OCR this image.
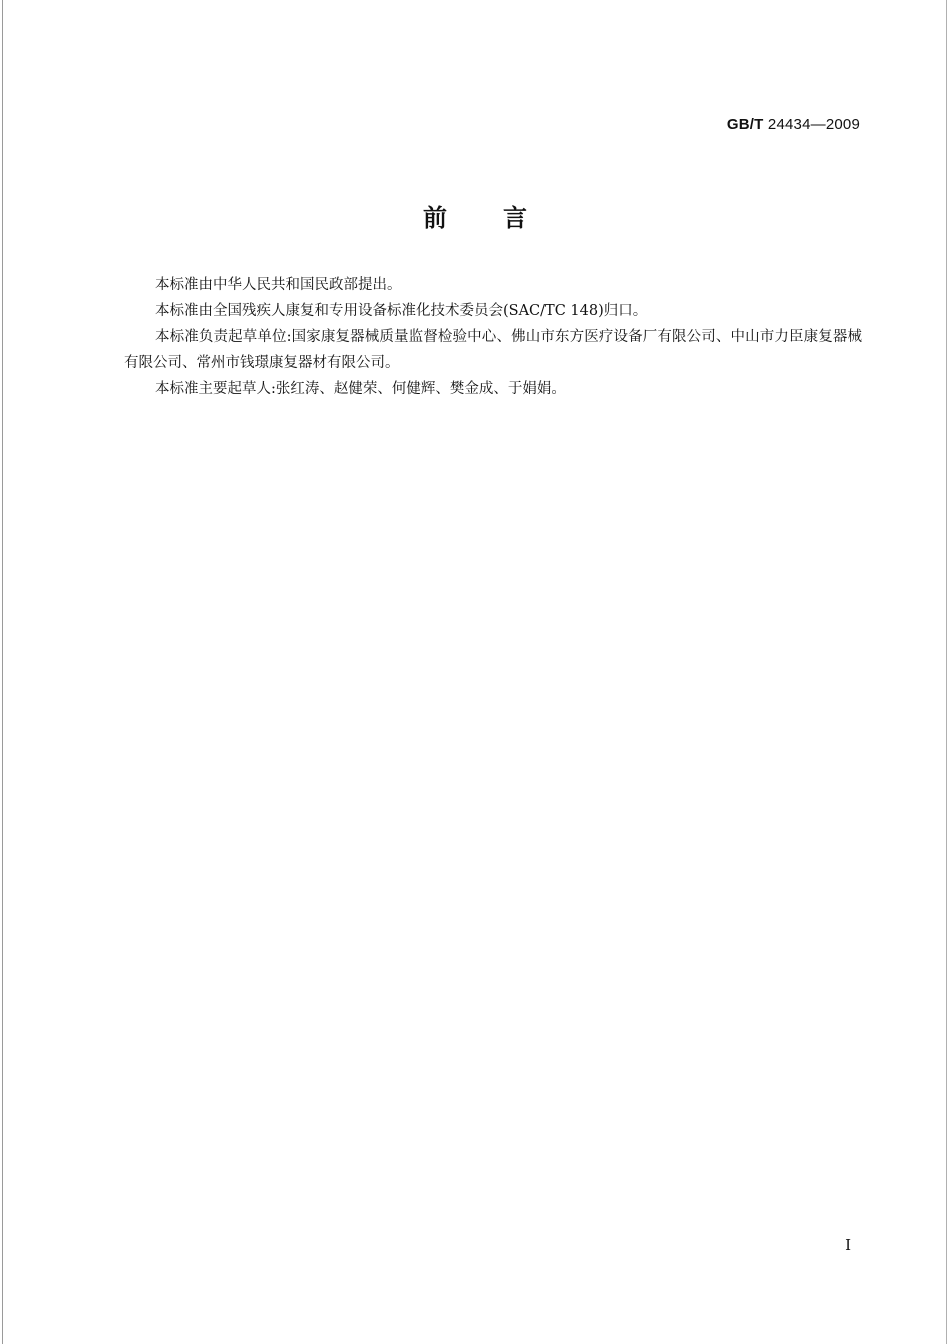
GB/T 24434—2009
前言

本标准由中华人民共和国民政部提出。

本标准由全国残疾人康复和专用设备标准化技术委员会(SAC/TC 148)归口。

本标准负责起草单位:国家康复器械质量监督检验中心、佛山市东方医疗设备厂有限公司、中山市力臣康复器械有限公司、常州市钱璟康复器材有限公司。

本标准主要起草人:张红涛、赵健荣、何健辉、樊金成、于娟娟。

I
